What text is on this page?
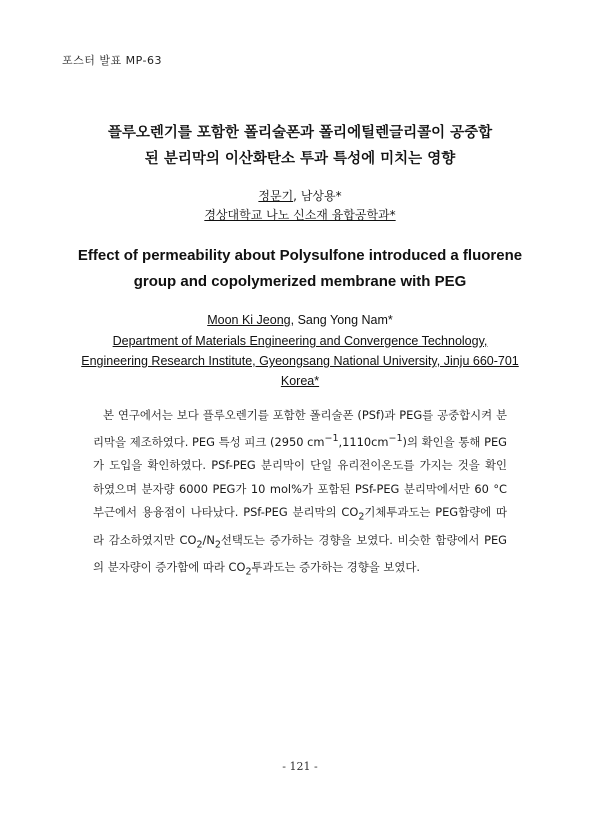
포스터 발표 MP-63
플루오렌기를 포함한 폴리술폰과 폴리에틸렌글리콜이 공중합
된 분리막의 이산화탄소 투과 특성에 미치는 영향
정문기, 남상용*
경상대학교 나노 신소재 융합공학과*
Effect of permeability about Polysulfone introduced a fluorene
group and copolymerized membrane with PEG
Moon Ki Jeong, Sang Yong Nam*
Department of Materials Engineering and Convergence Technology,
Engineering Research Institute, Gyeongsang National University, Jinju 660-701
Korea*

본 연구에서는 보다 플루오렌기를 포함한 폴리술폰 (PSf)과 PEG를 공중합시켜 분리막을 제조하였다. PEG 특성 피크 (2950 $cm^{-1},1110cm^{-1}$)의 확인을 통해 PEG가 도입을 확인하였다. PSf-PEG 분리막이 단일 유리전이온도를 가지는 것을 확인 하였으며 분자량 6000 PEG가 10 mol%가 포함된 PSf-PEG 분리막에서만 60 °C 부근에서 용융점이 나타났다. PSf-PEG 분리막의 $CO_2$기체투과도는 PEG함량에 따라 감소하였지만 $CO_2/N_2$선택도는 증가하는 경향을 보였다. 비슷한 함량에서 PEG의 분자량이 증가함에 따라 $CO_2$투과도는 증가하는 경향을 보였다.

- 121 -
